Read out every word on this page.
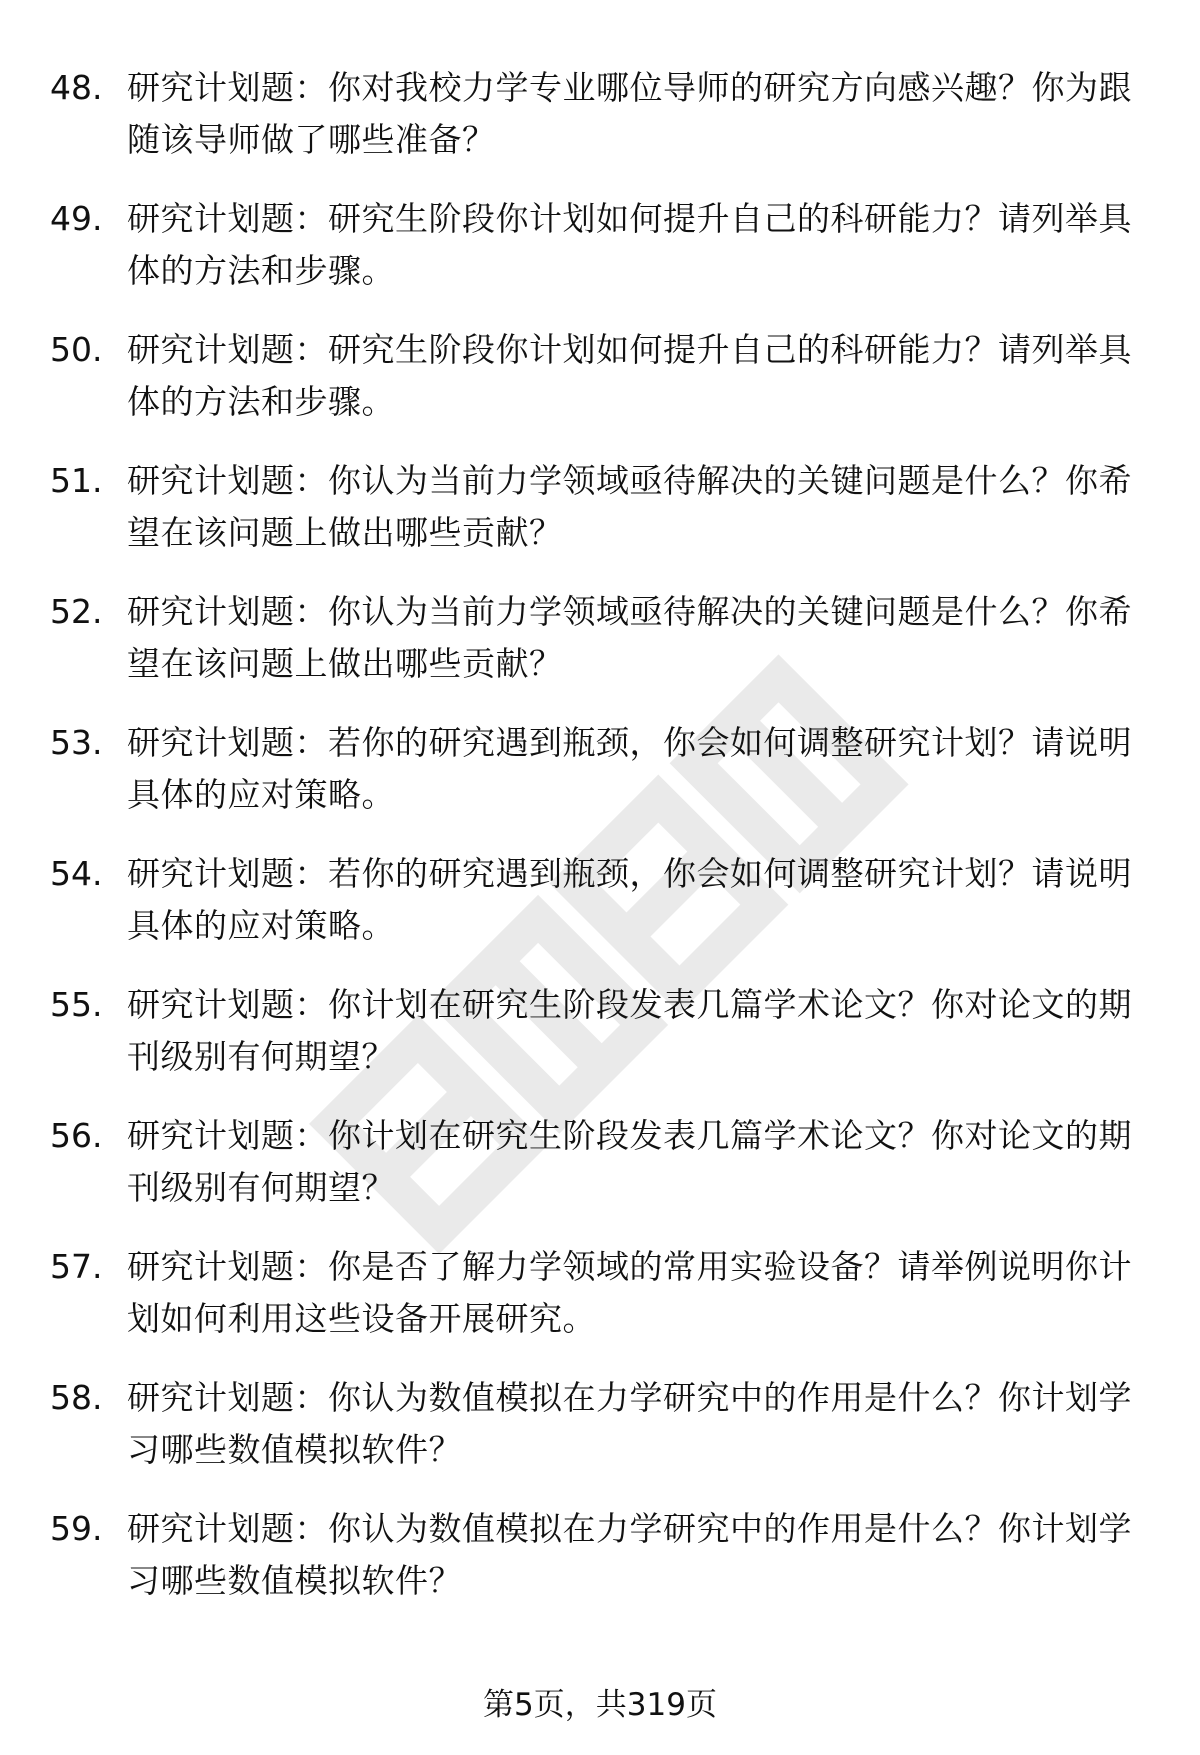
48. 研究计划题：你对我校力学专业哪位导师的研究方向感兴趣？你为跟随该导师做了哪些准备？
49. 研究计划题：研究生阶段你计划如何提升自己的科研能力？请列举具体的方法和步骤。
50. 研究计划题：研究生阶段你计划如何提升自己的科研能力？请列举具体的方法和步骤。
51. 研究计划题：你认为当前力学领域亟待解决的关键问题是什么？你希望在该问题上做出哪些贡献？
52. 研究计划题：你认为当前力学领域亟待解决的关键问题是什么？你希望在该问题上做出哪些贡献？
53. 研究计划题：若你的研究遇到瓶颈，你会如何调整研究计划？请说明具体的应对策略。
54. 研究计划题：若你的研究遇到瓶颈，你会如何调整研究计划？请说明具体的应对策略。
55. 研究计划题：你计划在研究生阶段发表几篇学术论文？你对论文的期刊级别有何期望？
56. 研究计划题：你计划在研究生阶段发表几篇学术论文？你对论文的期刊级别有何期望？
57. 研究计划题：你是否了解力学领域的常用实验设备？请举例说明你计划如何利用这些设备开展研究。
58. 研究计划题：你认为数值模拟在力学研究中的作用是什么？你计划学习哪些数值模拟软件？
59. 研究计划题：你认为数值模拟在力学研究中的作用是什么？你计划学习哪些数值模拟软件？
第5页，共319页
